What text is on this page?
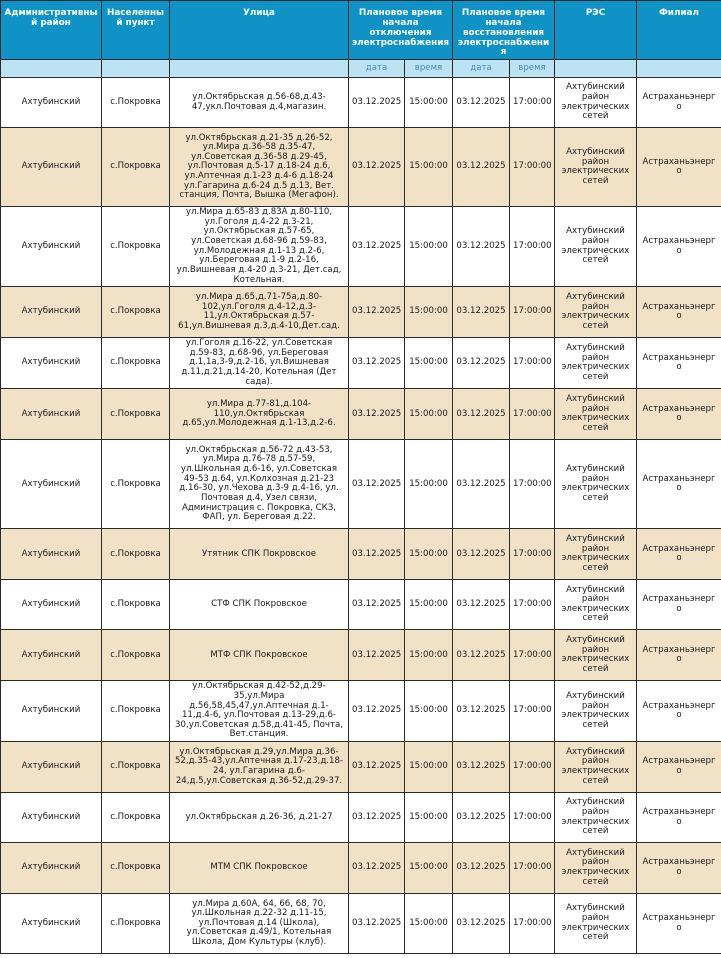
Административный район	Населенный пункт	Улица	Плановое время начала отключения электроснабжения		Плановое время начала восстановления электроснабжения		РЭС	Филиал
			дата	время	дата	время		
Ахтубинский	с.Покровка	ул.Октябрьская д.56-68,д.43-47,укл.Почтовая д.4,магазин.	03.12.2025	15:00:00	03.12.2025	17:00:00	Ахтубинский район электрических сетей	Астраханьэнерго
Ахтубинский	с.Покровка	ул.Октябрьская д.21-35 д.26-52, ул.Мира д.36-58 д.35-47, ул.Советская д.36-58 д.29-45, ул.Почтовая д.5-17 д.18-24 д.6, ул.Аптечная д.1-23 д.4-6 д.18-24 ул.Гагарина д.6-24 д.5 д.13, Вет. станция, Почта, Вышка (Мегафон).	03.12.2025	15:00:00	03.12.2025	17:00:00	Ахтубинский район электрических сетей	Астраханьэнерго
Ахтубинский	с.Покровка	ул.Мира д.65-83 д.83А д.80-110, ул.Гоголя д.4-22 д.3-21, ул.Октябрьская д.57-65, ул.Советская д.68-96 д.59-83, ул.Молодежная д.1-13 д.2-6, ул.Береговая д.1-9 д.2-16, ул.Вишневая д.4-20 д.3-21, Дет.сад, Котельная.	03.12.2025	15:00:00	03.12.2025	17:00:00	Ахтубинский район электрических сетей	Астраханьэнерго
Ахтубинский	с.Покровка	ул.Мира д.65,д.71-75а,д.80-102,ул.Гоголя д.4-12,д.3-11,ул.Октябрьская д.57-61,ул.Вишневая д.3,д.4-10,Дет.сад.	03.12.2025	15:00:00	03.12.2025	17:00:00	Ахтубинский район электрических сетей	Астраханьэнерго
Ахтубинский	с.Покровка	ул.Гоголя д.16-22, ул.Советская д.59-83, д.68-96, ул.Береговая д.1,1а,3-9,д.2-16, ул.Вишневая д.11,д.21,д.14-20, Котельная (Дет сада).	03.12.2025	15:00:00	03.12.2025	17:00:00	Ахтубинский район электрических сетей	Астраханьэнерго
Ахтубинский	с.Покровка	ул.Мира д.77-81,д.104-110,ул.Октябрьская д.65,ул.Молодежная д.1-13,д.2-6.	03.12.2025	15:00:00	03.12.2025	17:00:00	Ахтубинский район электрических сетей	Астраханьэнерго
Ахтубинский	с.Покровка	ул.Октябрьская д.56-72 д.43-53, ул.Мира д.76-78 д.57-59, ул.Школьная д.6-16, ул.Советская 49-53 д.64, ул.Колхозная д.21-23 д.16-30, ул.Чехова д.3-9 д.4-16, ул. Почтовая д.4, Узел связи, Администрация с. Покровка, СКЗ, ФАП, ул. Береговая д.22.	03.12.2025	15:00:00	03.12.2025	17:00:00	Ахтубинский район электрических сетей	Астраханьэнерго
Ахтубинский	с.Покровка	Утятник СПК Покровское	03.12.2025	15:00:00	03.12.2025	17:00:00	Ахтубинский район электрических сетей	Астраханьэнерго
Ахтубинский	с.Покровка	СТФ СПК Покровское	03.12.2025	15:00:00	03.12.2025	17:00:00	Ахтубинский район электрических сетей	Астраханьэнерго
Ахтубинский	с.Покровка	МТФ СПК Покровское	03.12.2025	15:00:00	03.12.2025	17:00:00	Ахтубинский район электрических сетей	Астраханьэнерго
Ахтубинский	с.Покровка	ул.Октябрьская д.42-52,д.29-35,ул.Мира д.56,58,45,47,ул.Аптечная д.1-11,д.4-6, ул.Почтовая д.13-29,д.6-30,ул.Советская д.58,д.41-45, Почта, Вет.станция.	03.12.2025	15:00:00	03.12.2025	17:00:00	Ахтубинский район электрических сетей	Астраханьэнерго
Ахтубинский	с.Покровка	ул.Октябрьская д.29,ул.Мира д.36-52,д.35-43,ул.Аптечная д.17-23,д.18-24, ул.Гагарина д.6-24,д.5,ул.Советская д.36-52,д.29-37.	03.12.2025	15:00:00	03.12.2025	17:00:00	Ахтубинский район электрических сетей	Астраханьэнерго
Ахтубинский	с.Покровка	ул.Октябрьская д.26-36, д.21-27	03.12.2025	15:00:00	03.12.2025	17:00:00	Ахтубинский район электрических сетей	Астраханьэнерго
Ахтубинский	с.Покровка	МТМ СПК Покровское	03.12.2025	15:00:00	03.12.2025	17:00:00	Ахтубинский район электрических сетей	Астраханьэнерго
Ахтубинский	с.Покровка	ул.Мира д.60А, 64, 66, 68, 70, ул.Школьная д.22-32 д.11-15, ул.Почтовая д.14 (Школа), ул.Советская д.49/1, Котельная Школа, Дом Культуры (клуб).	03.12.2025	15:00:00	03.12.2025	17:00:00	Ахтубинский район электрических сетей	Астраханьэнерго
